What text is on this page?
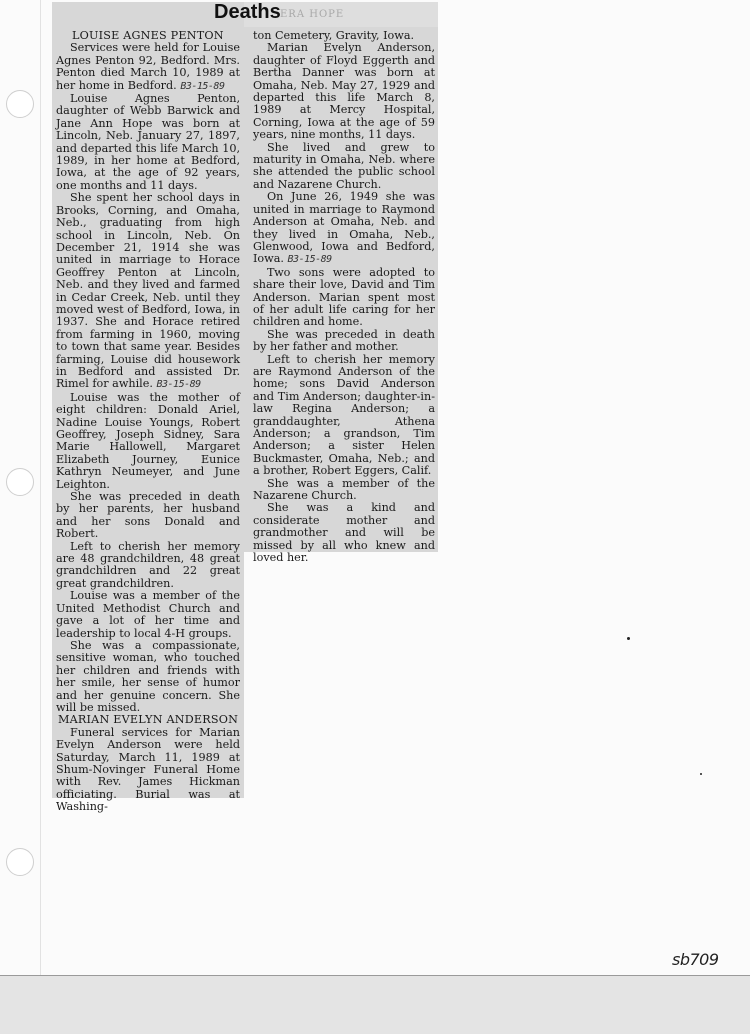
ERA HOPE
Deaths

LOUISE AGNES PENTON

Services were held for Louise Agnes Penton 92, Bedford. Mrs. Penton died March 10, 1989 at her home in Bedford. B3-15-89

Louise Agnes Penton, daughter of Webb Barwick and Jane Ann Hope was born at Lincoln, Neb. January 27, 1897, and departed this life March 10, 1989, in her home at Bedford, Iowa, at the age of 92 years, one months and 11 days.

She spent her school days in Brooks, Corning, and Omaha, Neb., graduating from high school in Lincoln, Neb. On December 21, 1914 she was united in marriage to Horace Geoffrey Penton at Lincoln, Neb. and they lived and farmed in Cedar Creek, Neb. until they moved west of Bedford, Iowa, in 1937. She and Horace retired from farming in 1960, moving to town that same year. Besides farming, Louise did housework in Bedford and assisted Dr. Rimel for awhile. B3-15-89

Louise was the mother of eight children: Donald Ariel, Nadine Louise Youngs, Robert Geoffrey, Joseph Sidney, Sara Marie Hallowell, Margaret Elizabeth Journey, Eunice Kathryn Neumeyer, and June Leighton.

She was preceded in death by her parents, her husband and her sons Donald and Robert.

Left to cherish her memory are 48 grandchildren, 48 great grandchildren and 22 great great grandchildren.

Louise was a member of the United Methodist Church and gave a lot of her time and leadership to local 4-H groups.

She was a compassionate, sensitive woman, who touched her children and friends with her smile, her sense of humor and her genuine concern. She will be missed.

MARIAN EVELYN ANDERSON

Funeral services for Marian Evelyn Anderson were held Saturday, March 11, 1989 at Shum-Novinger Funeral Home with Rev. James Hickman officiating. Burial was at Washing-

ton Cemetery, Gravity, Iowa.

Marian Evelyn Anderson, daughter of Floyd Eggerth and Bertha Danner was born at Omaha, Neb. May 27, 1929 and departed this life March 8, 1989 at Mercy Hospital, Corning, Iowa at the age of 59 years, nine months, 11 days.

She lived and grew to maturity in Omaha, Neb. where she attended the public school and Nazarene Church.

On June 26, 1949 she was united in marriage to Raymond Anderson at Omaha, Neb. and they lived in Omaha, Neb., Glenwood, Iowa and Bedford, Iowa. B3-15-89

Two sons were adopted to share their love, David and Tim Anderson. Marian spent most of her adult life caring for her children and home.

She was preceded in death by her father and mother.

Left to cherish her memory are Raymond Anderson of the home; sons David Anderson and Tim Anderson; daughter-in-law Regina Anderson; a granddaughter, Athena Anderson; a grandson, Tim Anderson; a sister Helen Buckmaster, Omaha, Neb.; and a brother, Robert Eggers, Calif.

She was a member of the Nazarene Church.

She was a kind and considerate mother and grandmother and will be missed by all who knew and loved her.

sb709
